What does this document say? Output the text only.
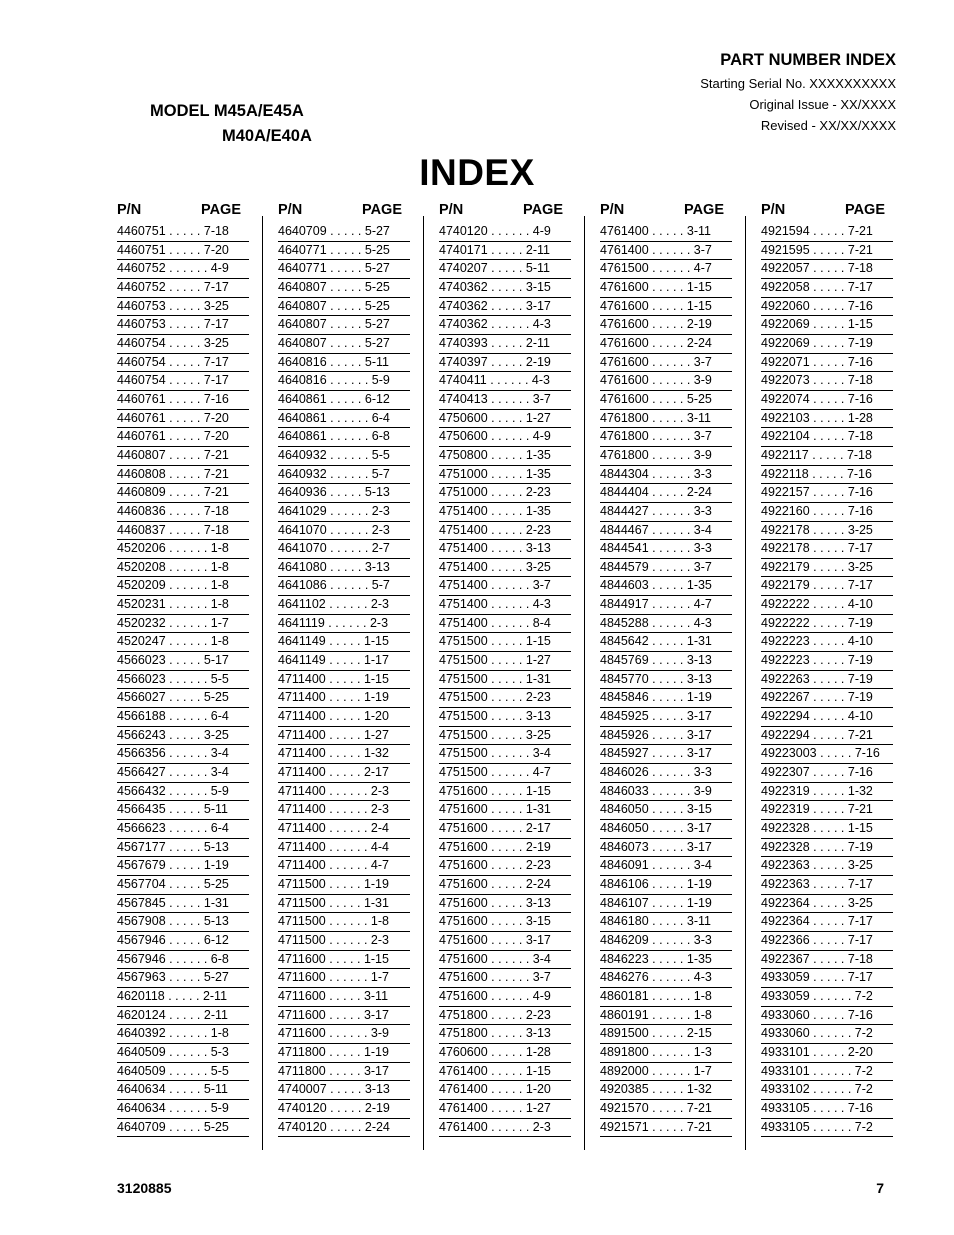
PART NUMBER INDEX
Starting Serial No. XXXXXXXXXX
Original Issue - XX/XXXX
Revised - XX/XX/XXXX
MODEL M45A/E45A
M40A/E40A
INDEX
P/N	PAGE
4460751 . . . . . 7-18
4460751 . . . . . 7-20
4460752 . . . . . . 4-9
4460752 . . . . . 7-17
4460753 . . . . . 3-25
4460753 . . . . . 7-17
4460754 . . . . . 3-25
4460754 . . . . . 7-17
4460754 . . . . . 7-17
4460761 . . . . . 7-16
4460761 . . . . . 7-20
4460761 . . . . . 7-20
4460807 . . . . . 7-21
4460808 . . . . . 7-21
4460809 . . . . . 7-21
4460836 . . . . . 7-18
4460837 . . . . . 7-18
4520206 . . . . . . 1-8
4520208 . . . . . . 1-8
4520209 . . . . . . 1-8
4520231 . . . . . . 1-8
4520232 . . . . . . 1-7
4520247 . . . . . . 1-8
4566023 . . . . . 5-17
4566023 . . . . . . 5-5
4566027 . . . . . 5-25
4566188 . . . . . . 6-4
4566243 . . . . . 3-25
4566356 . . . . . . 3-4
4566427 . . . . . . 3-4
4566432 . . . . . . 5-9
4566435 . . . . . 5-11
4566623 . . . . . . 6-4
4567177 . . . . . 5-13
4567679 . . . . . 1-19
4567704 . . . . . 5-25
4567845 . . . . . 1-31
4567908 . . . . . 5-13
4567946 . . . . . 6-12
4567946 . . . . . . 6-8
4567963 . . . . . 5-27
4620118 . . . . . 2-11
4620124 . . . . . 2-11
4640392 . . . . . . 1-8
4640509 . . . . . . 5-3
4640509 . . . . . . 5-5
4640634 . . . . . 5-11
4640634 . . . . . . 5-9
4640709 . . . . . 5-25
P/N	PAGE
4640709 . . . . . 5-27
4640771 . . . . . 5-25
4640771 . . . . . 5-27
4640807 . . . . . 5-25
4640807 . . . . . 5-25
4640807 . . . . . 5-27
4640807 . . . . . 5-27
4640816 . . . . . 5-11
4640816 . . . . . . 5-9
4640861 . . . . . 6-12
4640861 . . . . . . 6-4
4640861 . . . . . . 6-8
4640932 . . . . . . 5-5
4640932 . . . . . . 5-7
4640936 . . . . . 5-13
4641029 . . . . . . 2-3
4641070 . . . . . . 2-3
4641070 . . . . . . 2-7
4641080 . . . . . 3-13
4641086 . . . . . . 5-7
4641102 . . . . . . 2-3
4641119 . . . . . . 2-3
4641149 . . . . . 1-15
4641149 . . . . . 1-17
4711400 . . . . . 1-15
4711400 . . . . . 1-19
4711400 . . . . . 1-20
4711400 . . . . . 1-27
4711400 . . . . . 1-32
4711400 . . . . . 2-17
4711400 . . . . . . 2-3
4711400 . . . . . . 2-3
4711400 . . . . . . 2-4
4711400 . . . . . . 4-4
4711400 . . . . . . 4-7
4711500 . . . . . 1-19
4711500 . . . . . 1-31
4711500 . . . . . . 1-8
4711500 . . . . . . 2-3
4711600 . . . . . 1-15
4711600 . . . . . . 1-7
4711600 . . . . . 3-11
4711600 . . . . . 3-17
4711600 . . . . . . 3-9
4711800 . . . . . 1-19
4711800 . . . . . 3-17
4740007 . . . . . 3-13
4740120 . . . . . 2-19
4740120 . . . . . 2-24
P/N	PAGE
4740120 . . . . . . 4-9
4740171 . . . . . 2-11
4740207 . . . . . 5-11
4740362 . . . . . 3-15
4740362 . . . . . 3-17
4740362 . . . . . . 4-3
4740393 . . . . . 2-11
4740397 . . . . . 2-19
4740411 . . . . . . 4-3
4740413 . . . . . . 3-7
4750600 . . . . . 1-27
4750600 . . . . . . 4-9
4750800 . . . . . 1-35
4751000 . . . . . 1-35
4751000 . . . . . 2-23
4751400 . . . . . 1-35
4751400 . . . . . 2-23
4751400 . . . . . 3-13
4751400 . . . . . 3-25
4751400 . . . . . . 3-7
4751400 . . . . . . 4-3
4751400 . . . . . . 8-4
4751500 . . . . . 1-15
4751500 . . . . . 1-27
4751500 . . . . . 1-31
4751500 . . . . . 2-23
4751500 . . . . . 3-13
4751500 . . . . . 3-25
4751500 . . . . . . 3-4
4751500 . . . . . . 4-7
4751600 . . . . . 1-15
4751600 . . . . . 1-31
4751600 . . . . . 2-17
4751600 . . . . . 2-19
4751600 . . . . . 2-23
4751600 . . . . . 2-24
4751600 . . . . . 3-13
4751600 . . . . . 3-15
4751600 . . . . . 3-17
4751600 . . . . . . 3-4
4751600 . . . . . . 3-7
4751600 . . . . . . 4-9
4751800 . . . . . 2-23
4751800 . . . . . 3-13
4760600 . . . . . 1-28
4761400 . . . . . 1-15
4761400 . . . . . 1-20
4761400 . . . . . 1-27
4761400 . . . . . . 2-3
P/N	PAGE
4761400 . . . . . 3-11
4761400 . . . . . . 3-7
4761500 . . . . . . 4-7
4761600 . . . . . 1-15
4761600 . . . . . 1-15
4761600 . . . . . 2-19
4761600 . . . . . 2-24
4761600 . . . . . . 3-7
4761600 . . . . . . 3-9
4761600 . . . . . 5-25
4761800 . . . . . 3-11
4761800 . . . . . . 3-7
4761800 . . . . . . 3-9
4844304 . . . . . . 3-3
4844404 . . . . . 2-24
4844427 . . . . . . 3-3
4844467 . . . . . . 3-4
4844541 . . . . . . 3-3
4844579 . . . . . . 3-7
4844603 . . . . . 1-35
4844917 . . . . . . 4-7
4845288 . . . . . . 4-3
4845642 . . . . . 1-31
4845769 . . . . . 3-13
4845770 . . . . . 3-13
4845846 . . . . . 1-19
4845925 . . . . . 3-17
4845926 . . . . . 3-17
4845927 . . . . . 3-17
4846026 . . . . . . 3-3
4846033 . . . . . . 3-9
4846050 . . . . . 3-15
4846050 . . . . . 3-17
4846073 . . . . . 3-17
4846091 . . . . . . 3-4
4846106 . . . . . 1-19
4846107 . . . . . 1-19
4846180 . . . . . 3-11
4846209 . . . . . . 3-3
4846223 . . . . . 1-35
4846276 . . . . . . 4-3
4860181 . . . . . . 1-8
4860191 . . . . . . 1-8
4891500 . . . . . 2-15
4891800 . . . . . . 1-3
4892000 . . . . . . 1-7
4920385 . . . . . 1-32
4921570 . . . . . 7-21
4921571 . . . . . 7-21
P/N	PAGE
4921594 . . . . . 7-21
4921595 . . . . . 7-21
4922057 . . . . . 7-18
4922058 . . . . . 7-17
4922060 . . . . . 7-16
4922069 . . . . . 1-15
4922069 . . . . . 7-19
4922071 . . . . . 7-16
4922073 . . . . . 7-18
4922074 . . . . . 7-16
4922103 . . . . . 1-28
4922104 . . . . . 7-18
4922117 . . . . . 7-18
4922118 . . . . . 7-16
4922157 . . . . . 7-16
4922160 . . . . . 7-16
4922178 . . . . . 3-25
4922178 . . . . . 7-17
4922179 . . . . . 3-25
4922179 . . . . . 7-17
4922222 . . . . . 4-10
4922222 . . . . . 7-19
4922223 . . . . . 4-10
4922223 . . . . . 7-19
4922263 . . . . . 7-19
4922267 . . . . . 7-19
4922294 . . . . . 4-10
4922294 . . . . . 7-21
49223003 . . . . . 7-16
4922307 . . . . . 7-16
4922319 . . . . . 1-32
4922319 . . . . . 7-21
4922328 . . . . . 1-15
4922328 . . . . . 7-19
4922363 . . . . . 3-25
4922363 . . . . . 7-17
4922364 . . . . . 3-25
4922364 . . . . . 7-17
4922366 . . . . . 7-17
4922367 . . . . . 7-18
4933059 . . . . . 7-17
4933059 . . . . . . 7-2
4933060 . . . . . 7-16
4933060 . . . . . . 7-2
4933101 . . . . . 2-20
4933101 . . . . . . 7-2
4933102 . . . . . . 7-2
4933105 . . . . . 7-16
4933105 . . . . . . 7-2
3120885	7
